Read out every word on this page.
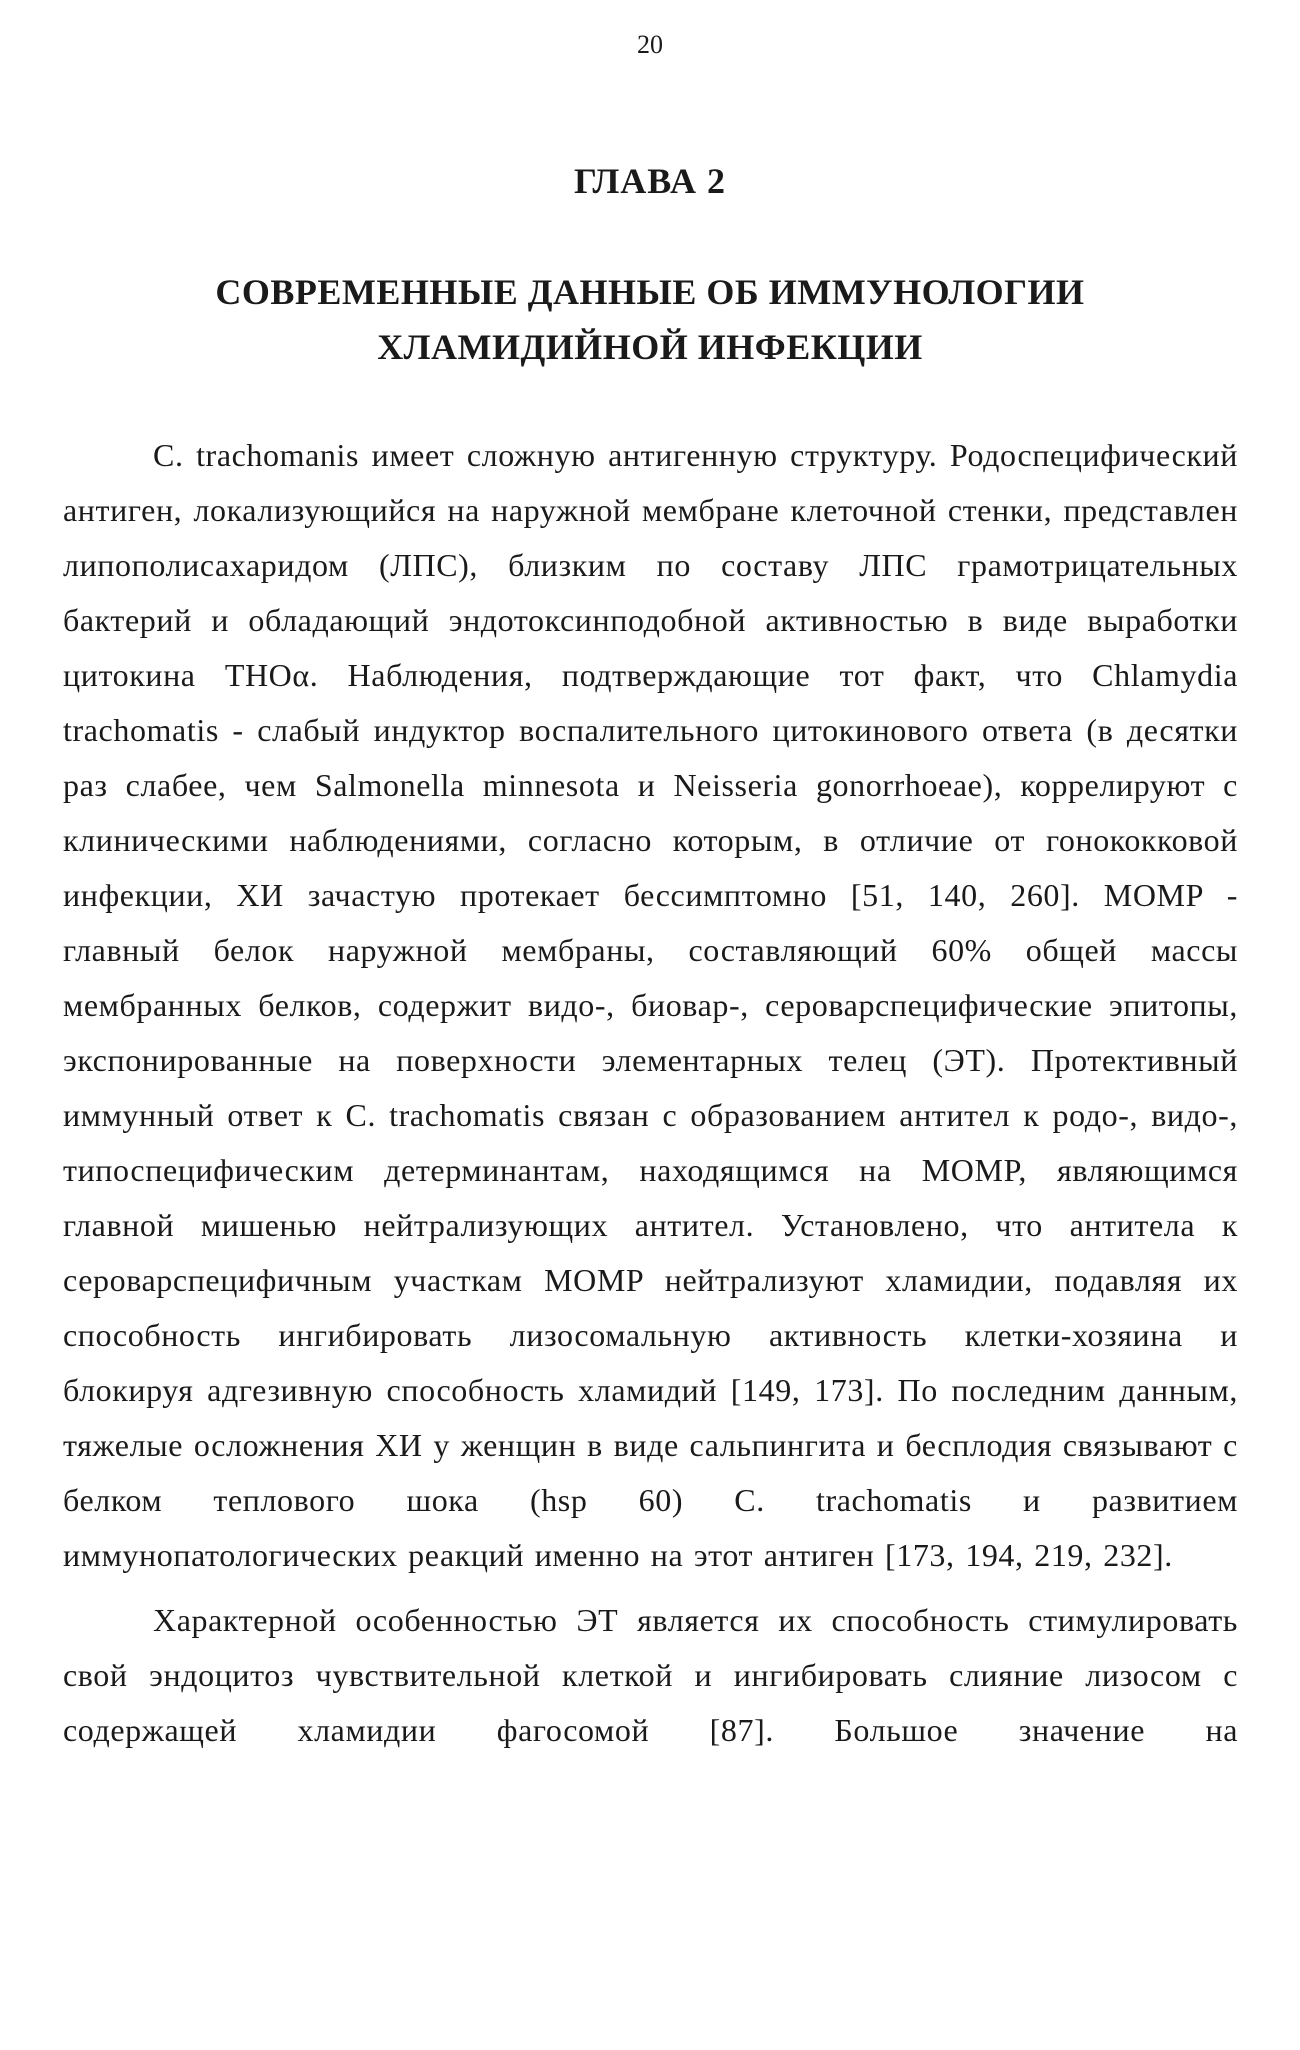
20
ГЛАВА 2
СОВРЕМЕННЫЕ ДАННЫЕ ОБ ИММУНОЛОГИИ
ХЛАМИДИЙНОЙ ИНФЕКЦИИ

C. trachomanis имеет сложную антигенную структуру. Родоспецифический антиген, локализующийся на наружной мембране клеточной стенки, представлен липополисахаридом (ЛПС), близким по составу ЛПС грамотрицательных бактерий и обладающий эндотоксинподобной активностью в виде выработки цитокина ТНОα. Наблюдения, подтверждающие тот факт, что Chlamydia trachomatis - слабый индуктор воспалительного цитокинового ответа (в десятки раз слабее, чем Salmonella minnesota и Neisseria gonorrhoeae), коррелируют с клиническими наблюдениями, согласно которым, в отличие от гонококковой инфекции, ХИ зачастую протекает бессимптомно [51, 140, 260]. MOMP - главный белок наружной мембраны, составляющий 60% общей массы мембранных белков, содержит видо-, биовар-, сероварспецифические эпитопы, экспонированные на поверхности элементарных телец (ЭТ). Протективный иммунный ответ к C. trachomatis связан с образованием антител к родо-, видо-, типоспецифическим детерминантам, находящимся на MOMP, являющимся главной мишенью нейтрализующих антител. Установлено, что антитела к сероварспецифичным участкам MOMP нейтрализуют хламидии, подавляя их способность ингибировать лизосомальную активность клетки-хозяина и блокируя адгезивную способность хламидий [149, 173]. По последним данным, тяжелые осложнения ХИ у женщин в виде сальпингита и бесплодия связывают с белком теплового шока (hsp 60) C. trachomatis и развитием иммунопатологических реакций именно на этот антиген [173, 194, 219, 232].

Характерной особенностью ЭТ является их способность стимулировать свой эндоцитоз чувствительной клеткой и ингибировать слияние лизосом с содержащей хламидии фагосомой [87]. Большое значение на
